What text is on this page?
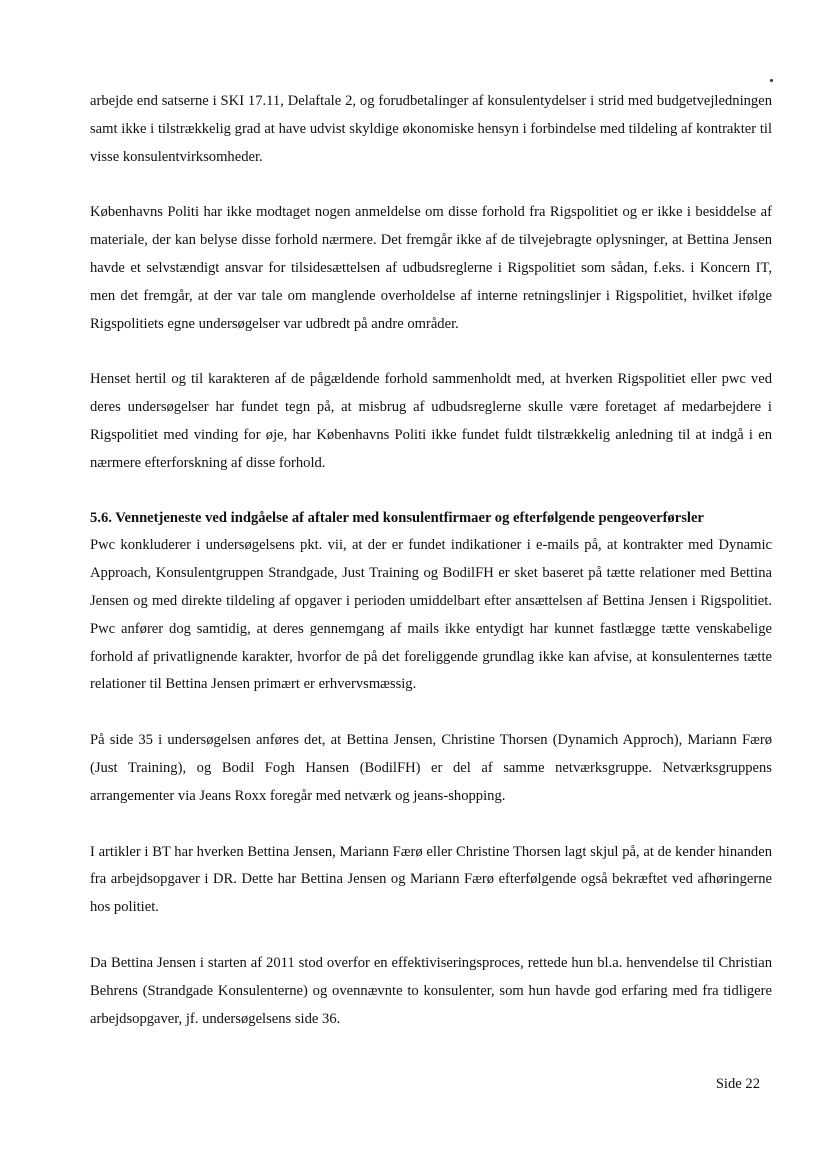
arbejde end satserne i SKI 17.11, Delaftale 2, og forudbetalinger af konsulentydelser i strid med budgetvejledningen samt ikke i tilstrækkelig grad at have udvist skyldige økonomiske hensyn i forbindelse med tildeling af kontrakter til visse konsulentvirksomheder.

Københavns Politi har ikke modtaget nogen anmeldelse om disse forhold fra Rigspolitiet og er ikke i besiddelse af materiale, der kan belyse disse forhold nærmere. Det fremgår ikke af de tilvejebragte oplysninger, at Bettina Jensen havde et selvstændigt ansvar for tilsidesættelsen af udbudsreglerne i Rigspolitiet som sådan, f.eks. i Koncern IT, men det fremgår, at der var tale om manglende overholdelse af interne retningslinjer i Rigspolitiet, hvilket ifølge Rigspolitiets egne undersøgelser var udbredt på andre områder.

Henset hertil og til karakteren af de pågældende forhold sammenholdt med, at hverken Rigspolitiet eller pwc ved deres undersøgelser har fundet tegn på, at misbrug af udbudsreglerne skulle være foretaget af medarbejdere i Rigspolitiet med vinding for øje, har Københavns Politi ikke fundet fuldt tilstrækkelig anledning til at indgå i en nærmere efterforskning af disse forhold.

5.6. Vennetjeneste ved indgåelse af aftaler med konsulentfirmaer og efterfølgende pengeoverførsler

Pwc konkluderer i undersøgelsens pkt. vii, at der er fundet indikationer i e-mails på, at kontrakter med Dynamic Approach, Konsulentgruppen Strandgade, Just Training og BodilFH er sket baseret på tætte relationer med Bettina Jensen og med direkte tildeling af opgaver i perioden umiddelbart efter ansættelsen af Bettina Jensen i Rigspolitiet. Pwc anfører dog samtidig, at deres gennemgang af mails ikke entydigt har kunnet fastlægge tætte venskabelige forhold af privatlignende karakter, hvorfor de på det foreliggende grundlag ikke kan afvise, at konsulenternes tætte relationer til Bettina Jensen primært er erhvervsmæssig.

På side 35 i undersøgelsen anføres det, at Bettina Jensen, Christine Thorsen (Dynamich Approch), Mariann Færø (Just Training), og Bodil Fogh Hansen (BodilFH) er del af samme netværksgruppe. Netværksgruppens arrangementer via Jeans Roxx foregår med netværk og jeans-shopping.

I artikler i BT har hverken Bettina Jensen, Mariann Færø eller Christine Thorsen lagt skjul på, at de kender hinanden fra arbejdsopgaver i DR. Dette har Bettina Jensen og Mariann Færø efterfølgende også bekræftet ved afhøringerne hos politiet.

Da Bettina Jensen i starten af 2011 stod overfor en effektiviseringsproces, rettede hun bl.a. henvendelse til Christian Behrens (Strandgade Konsulenterne) og ovennævnte to konsulenter, som hun havde god erfaring med fra tidligere arbejdsopgaver, jf. undersøgelsens side 36.

Side 22
